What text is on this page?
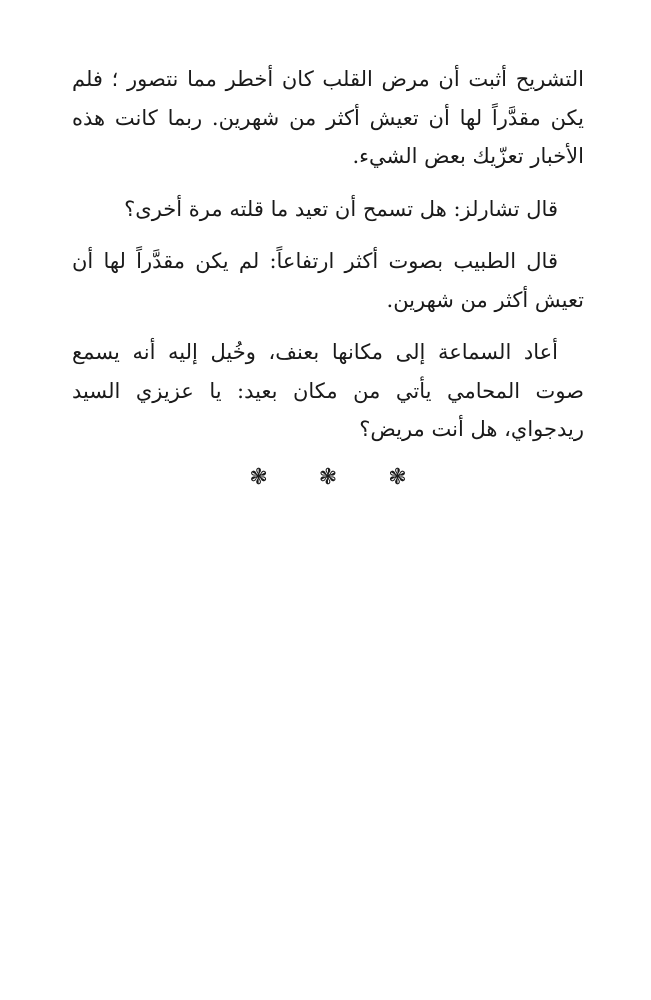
التشريح أثبت أن مرض القلب كان أخطر مما نتصور ؛ فلم يكن مقدَّراً لها أن تعيش أكثر من شهرين. ربما كانت هذه الأخبار تعزّيك بعض الشيء.

قال تشارلز: هل تسمح أن تعيد ما قلته مرة أخرى؟

قال الطبيب بصوت أكثر ارتفاعاً: لم يكن مقدَّراً لها أن تعيش أكثر من شهرين.

أعاد السماعة إلى مكانها بعنف، وخُيل إليه أنه يسمع صوت المحامي يأتي من مكان بعيد: يا عزيزي السيد ريدجواي، هل أنت مريض؟

❃ ❃ ❃
